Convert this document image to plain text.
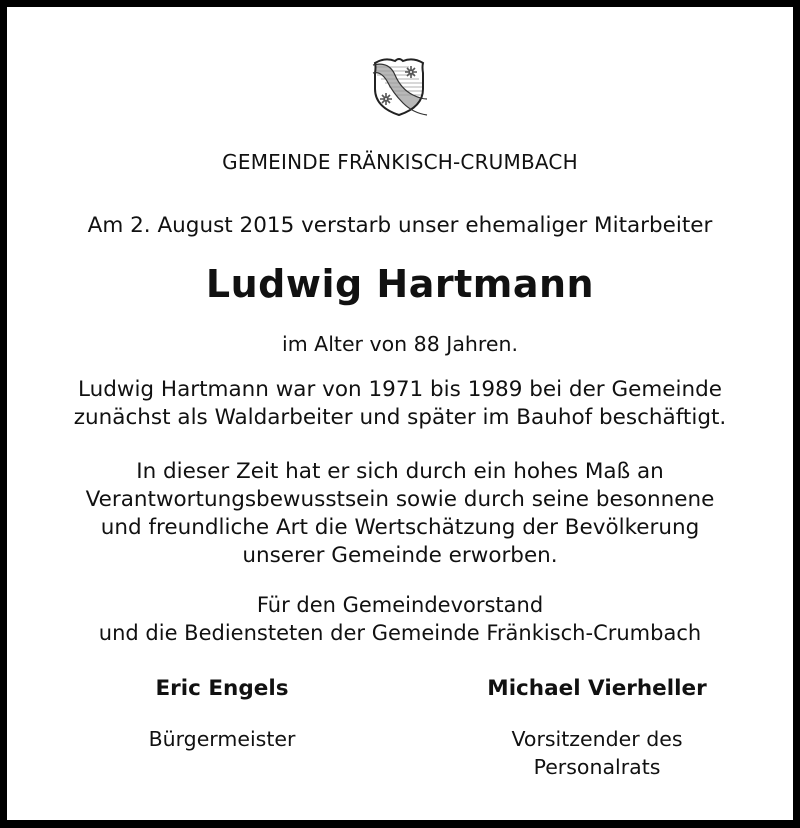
GEMEINDE FRÄNKISCH-CRUMBACH
Am 2. August 2015 verstarb unser ehemaliger Mitarbeiter
Ludwig Hartmann
im Alter von 88 Jahren.
Ludwig Hartmann war von 1971 bis 1989 bei der Gemeinde
zunächst als Waldarbeiter und später im Bauhof beschäftigt.
In dieser Zeit hat er sich durch ein hohes Maß an
Verantwortungsbewusstsein sowie durch seine besonnene
und freundliche Art die Wertschätzung der Bevölkerung
unserer Gemeinde erworben.
Für den Gemeindevorstand
und die Bediensteten der Gemeinde Fränkisch-Crumbach
Eric Engels
Bürgermeister
Michael Vierheller
Vorsitzender des
Personalrats
